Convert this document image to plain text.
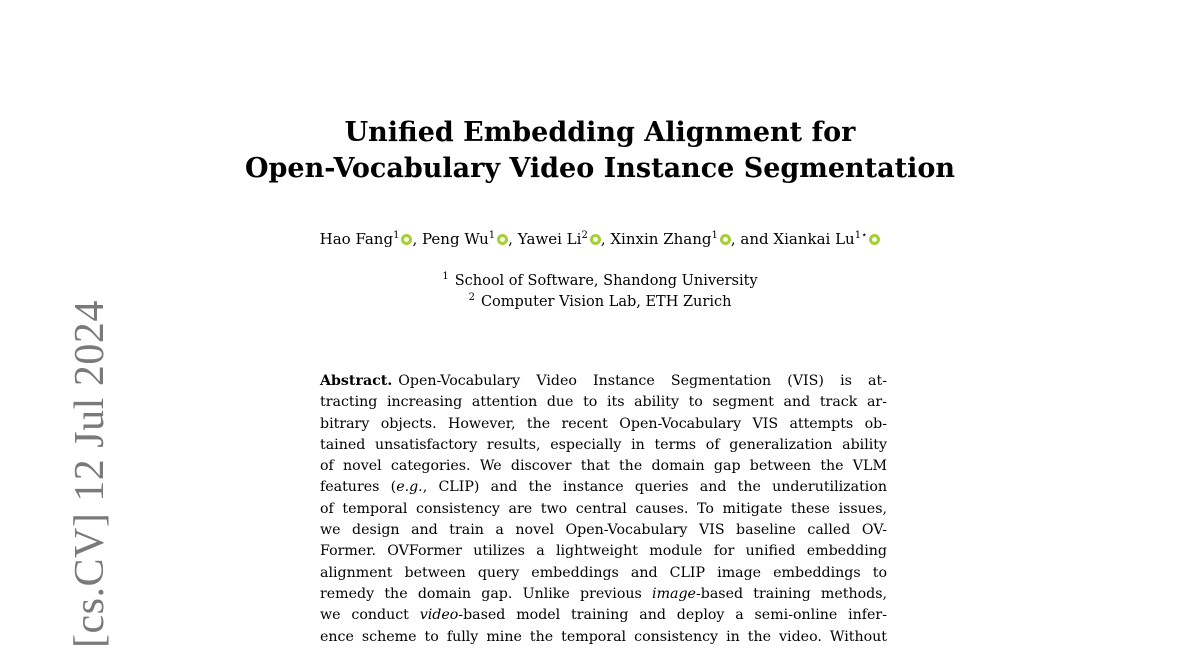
[cs.CV] 12 Jul 2024
Unified Embedding Alignment for
Open-Vocabulary Video Instance Segmentation
Hao Fang$^1$ , Peng Wu$^1$ , Yawei Li$^2$ , Xinxin Zhang$^1$ , and Xiankai $Lu^{1⋆}$
$^1$ School of Software, Shandong University
$^2$ Computer Vision Lab, ETH Zurich
Abstract. Open-Vocabulary Video Instance Segmentation (VIS) is at-
tracting increasing attention due to its ability to segment and track ar-
bitrary objects. However, the recent Open-Vocabulary VIS attempts ob-
tained unsatisfactory results, especially in terms of generalization ability
of novel categories. We discover that the domain gap between the VLM
features (e.g., CLIP) and the instance queries and the underutilization
of temporal consistency are two central causes. To mitigate these issues,
we design and train a novel Open-Vocabulary VIS baseline called OV-
Former. OVFormer utilizes a lightweight module for unified embedding
alignment between query embeddings and CLIP image embeddings to
remedy the domain gap. Unlike previous image-based training methods,
we conduct video-based model training and deploy a semi-online infer-
ence scheme to fully mine the temporal consistency in the video. Without
